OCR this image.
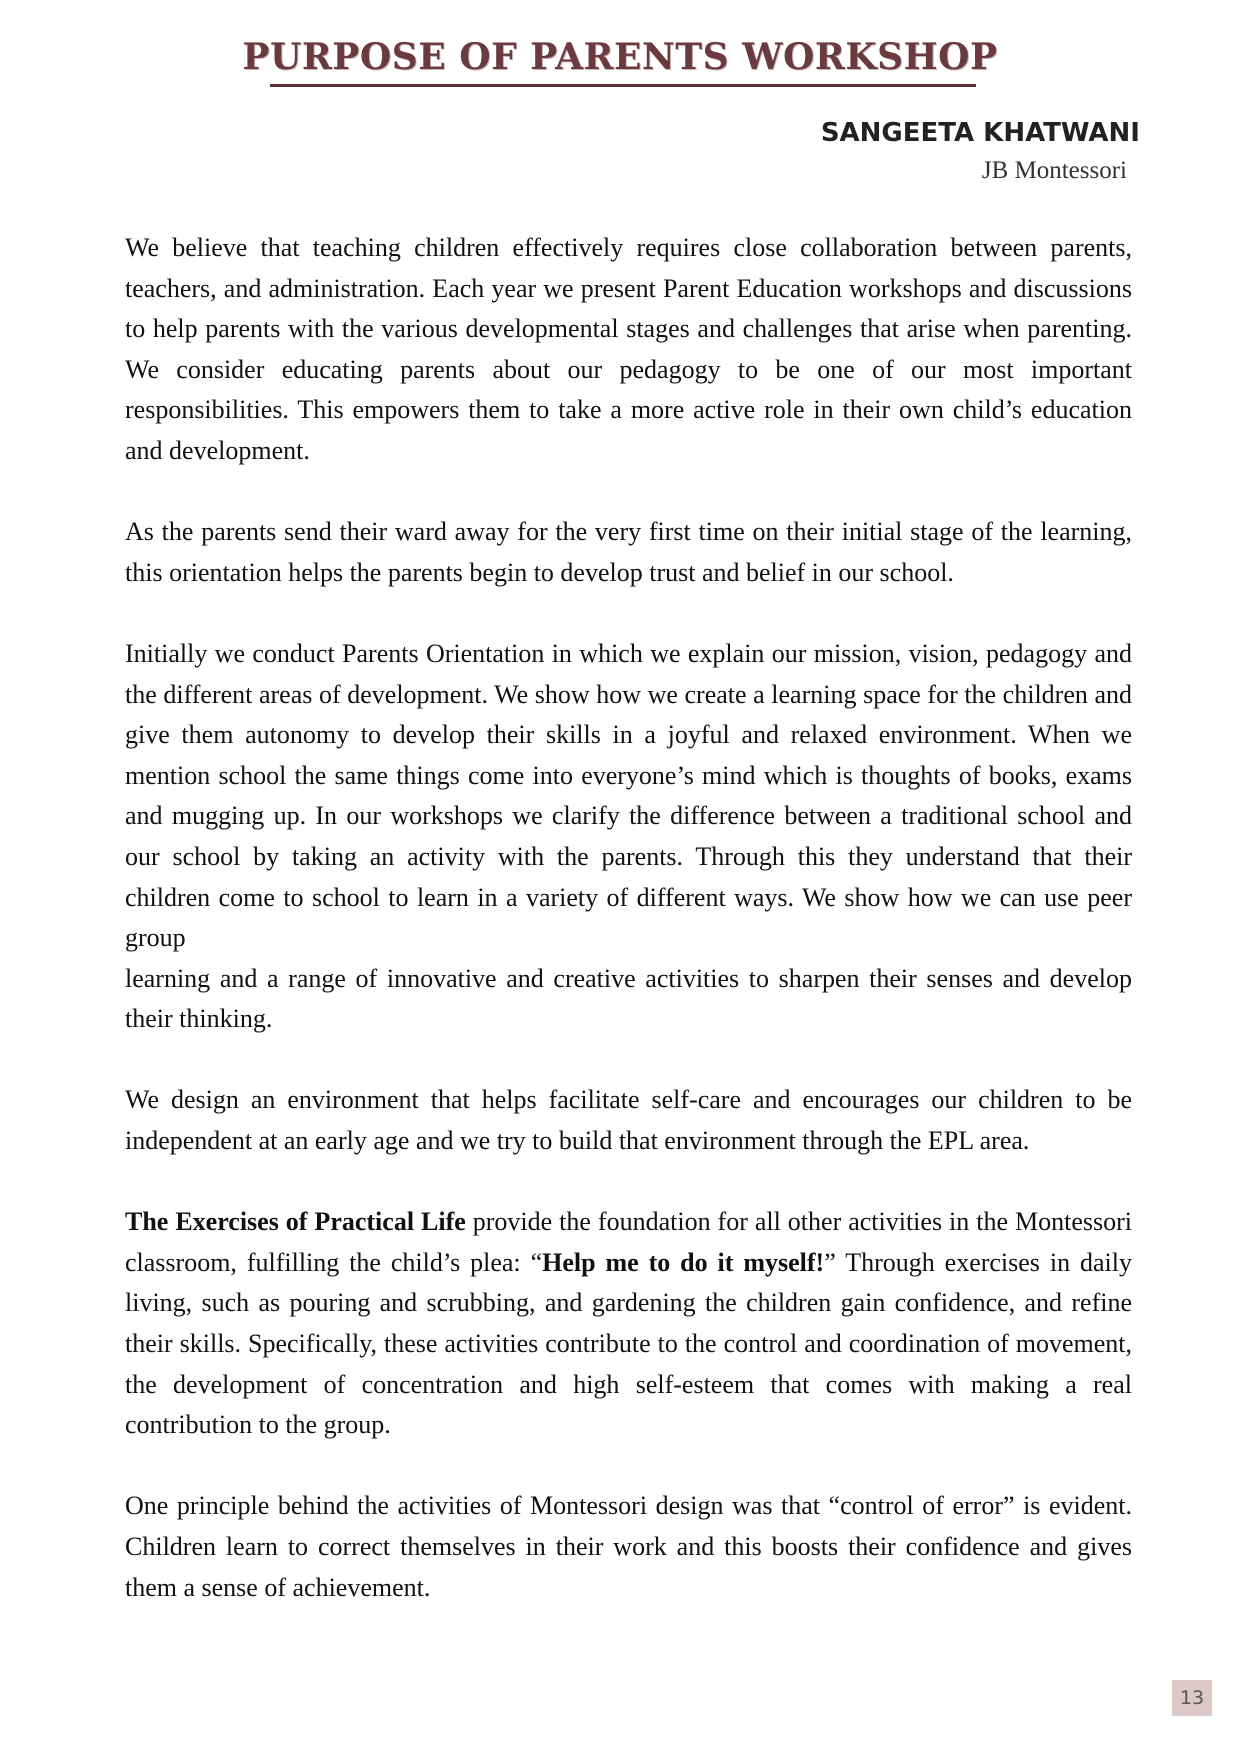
PURPOSE OF PARENTS WORKSHOP
SANGEETA KHATWANI
JB Montessori

We believe that teaching children effectively requires close collaboration between parents, teachers, and administration. Each year we present Parent Education workshops and discussions to help parents with the various developmental stages and challenges that arise when parenting. We consider educating parents about our pedagogy to be one of our most important responsibilities. This empowers them to take a more active role in their own child’s education and development.

As the parents send their ward away for the very first time on their initial stage of the learning, this orientation helps the parents begin to develop trust and belief in our school.

Initially we conduct Parents Orientation in which we explain our mission, vision, pedagogy and the different areas of development. We show how we create a learning space for the children and give them autonomy to develop their skills in a joyful and relaxed environment. When we mention school the same things come into everyone’s mind which is thoughts of books, exams and mugging up. In our workshops we clarify the difference between a traditional school and our school by taking an activity with the parents. Through this they understand that their children come to school to learn in a variety of different ways. We show how we can use peer group

learning and a range of innovative and creative activities to sharpen their senses and develop their thinking.

We design an environment that helps facilitate self-care and encourages our children to be independent at an early age and we try to build that environment through the EPL area.

The Exercises of Practical Life provide the foundation for all other activities in the Montessori classroom, fulfilling the child’s plea: “Help me to do it myself!” Through exercises in daily living, such as pouring and scrubbing, and gardening the children gain confidence, and refine their skills. Specifically, these activities contribute to the control and coordination of movement, the development of concentration and high self-esteem that comes with making a real contribution to the group.

One principle behind the activities of Montessori design was that “control of error” is evident. Children learn to correct themselves in their work and this boosts their confidence and gives them a sense of achievement.

13
